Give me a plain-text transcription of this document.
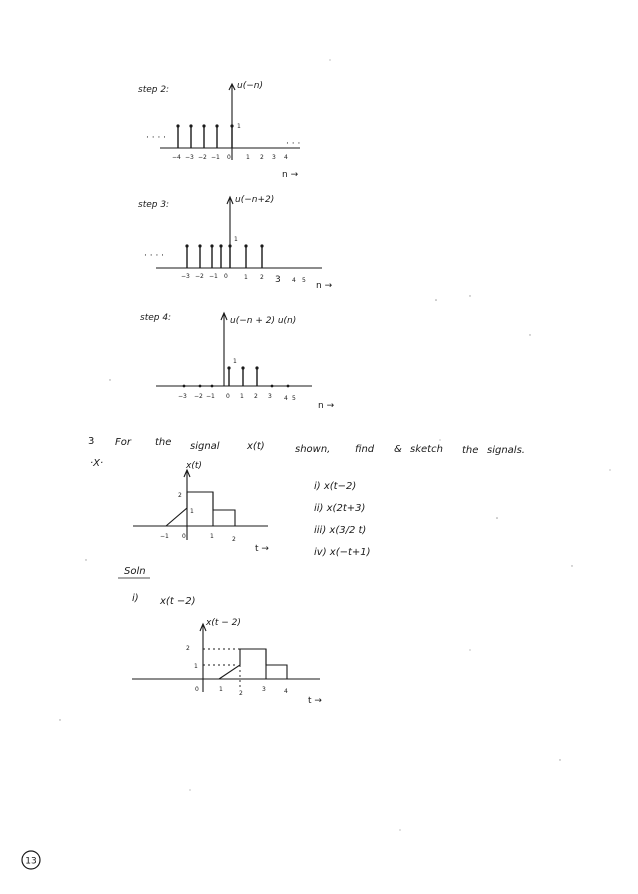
step 2:	u(−n)
· · · ·
· · ·
1
−4 −3 −2 −1 0	1 2 3 4
n →
step 3:	u(−n+2)
· · · ·
1
−3 −2 −1 0	1 2 3 4 5
n →
step 4:	u(−n + 2) u(n)
1
−3 −2 −1 0 1 2 3 4 5
n →
3
·X·
For the signal	x(t)	shown, find & sketch the signals.
x(t)
2
1
−1 0	1	2
t →
i) x(t−2)
ii) x(2t+3)
iii) x(3/2 t)
iv) x(−t+1)
Soln
i) x(t −2)
x(t − 2)
2
1
0	1
2
3	4
t →
13
